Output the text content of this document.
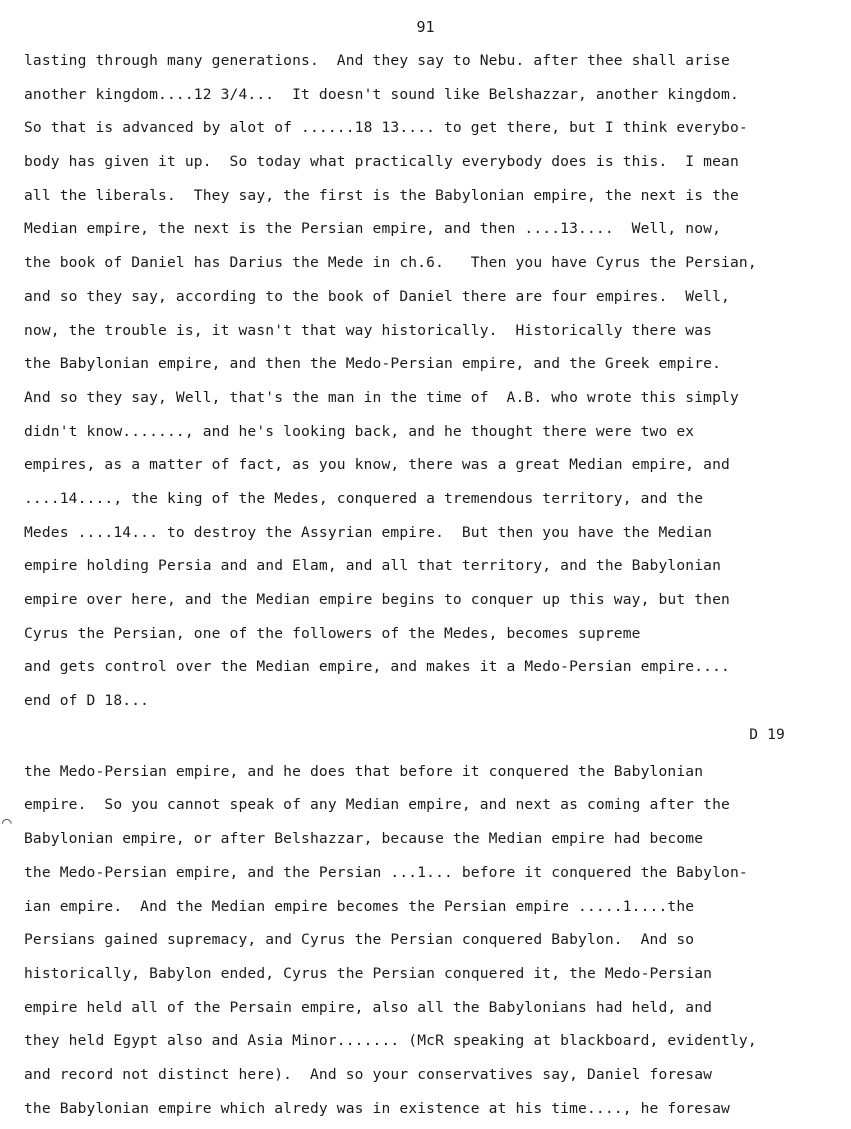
91
⌒
lasting through many generations.  And they say to Nebu. after thee shall arise
another kingdom....12 3/4...  It doesn't sound like Belshazzar, another kingdom.
So that is advanced by alot of ......18 13.... to get there, but I think everybo-
body has given it up.  So today what practically everybody does is this.  I mean
all the liberals.  They say, the first is the Babylonian empire, the next is the
Median empire, the next is the Persian empire, and then ....13....  Well, now,
the book of Daniel has Darius the Mede in ch.6.   Then you have Cyrus the Persian,
and so they say, according to the book of Daniel there are four empires.  Well,
now, the trouble is, it wasn't that way historically.  Historically there was
the Babylonian empire, and then the Medo-Persian empire, and the Greek empire.
And so they say, Well, that's the man in the time of  A.B. who wrote this simply
didn't know......., and he's looking back, and he thought there were two ex
empires, as a matter of fact, as you know, there was a great Median empire, and
....14...., the king of the Medes, conquered a tremendous territory, and the
Medes ....14... to destroy the Assyrian empire.  But then you have the Median
empire holding Persia and and Elam, and all that territory, and the Babylonian
empire over here, and the Median empire begins to conquer up this way, but then
Cyrus the Persian, one of the followers of the Medes, becomes supreme
and gets control over the Median empire, and makes it a Medo-Persian empire....
end of D 18...

D 19

the Medo-Persian empire, and he does that before it conquered the Babylonian
empire.  So you cannot speak of any Median empire, and next as coming after the
Babylonian empire, or after Belshazzar, because the Median empire had become
the Medo-Persian empire, and the Persian ...1... before it conquered the Babylon-
ian empire.  And the Median empire becomes the Persian empire .....1....the
Persians gained supremacy, and Cyrus the Persian conquered Babylon.  And so
historically, Babylon ended, Cyrus the Persian conquered it, the Medo-Persian
empire held all of the Persain empire, also all the Babylonians had held, and
they held Egypt also and Asia Minor....... (McR speaking at blackboard, evidently,
and record not distinct here).  And so your conservatives say, Daniel foresaw
the Babylonian empire which alredy was in existence at his time...., he foresaw
